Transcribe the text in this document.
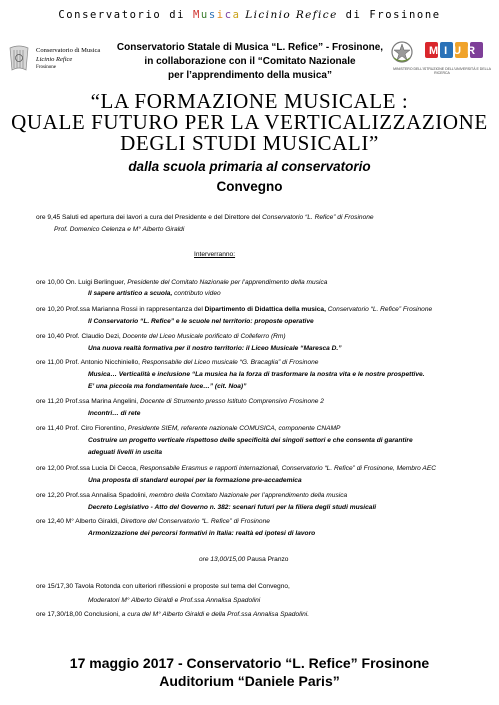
Conservatorio di Musica Licinio Refice di Frosinone
Conservatorio di Musica
Licinio Refice
Frosinone
Conservatorio Statale di Musica “L. Refice” - Frosinone,
in collaborazione con il “Comitato Nazionale
per l’apprendimento della musica”
MIUR
MINISTERO DELL'ISTRUZIONE DELL'UNIVERSITÀ E DELLA RICERCA
“LA FORMAZIONE MUSICALE :
QUALE FUTURO PER LA VERTICALIZZAZIONE
DEGLI STUDI MUSICALI”
dalla scuola primaria al conservatorio
Convegno
ore 9,45 Saluti ed apertura dei lavori a cura del Presidente e del Direttore del Conservatorio “L. Refice” di Frosinone
Prof. Domenico Celenza e M° Alberto Giraldi
Interverranno:
ore 10,00 On. Luigi Berlinguer, Presidente del Comitato Nazionale per l’apprendimento della musica
Il sapere artistico a scuola, contributo video
ore 10,20 Prof.ssa Marianna Rossi in rappresentanza del Dipartimento di Didattica della musica, Conservatorio “L. Refice” Frosinone
Il Conservatorio “L. Refice” e le scuole nel territorio: proposte operative
ore 10,40 Prof. Claudio Dezi, Docente del Liceo Musicale porificato di Colleferro (Rm)
Una nuova realtà formativa per il nostro territorio: il Liceo Musicale “Maresca D.”
ore 11,00 Prof. Antonio Nicchiniello, Responsabile del Liceo musicale “G. Bracaglia” di Frosinone
Musica… Verticalità e inclusione “La musica ha la forza di trasformare la nostra vita e le nostre prospettive.
E’ una piccola ma fondamentale luce…” (cit. Noa)”
ore 11,20 Prof.ssa Marina Angelini, Docente di Strumento presso Istituto Comprensivo Frosinone 2
Incontri… di rete
ore 11,40 Prof. Ciro Fiorentino, Presidente SIEM, referente nazionale COMUSICA, componente CNAMP
Costruire un progetto verticale rispettoso delle specificità dei singoli settori e che consenta di garantire
adeguati livelli in uscita
ore 12,00 Prof.ssa Lucia Di Cecca, Responsabile Erasmus e rapporti internazionali, Conservatorio “L. Refice” di Frosinone, Membro AEC
Una proposta di standard europei per la formazione pre-accademica
ore 12,20 Prof.ssa Annalisa Spadolini, membro della Comitato Nazionale per l’apprendimento della musica
Decreto Legislativo - Atto del Governo n. 382: scenari futuri per la filiera degli studi musicali
ore 12,40 M° Alberto Giraldi, Direttore del Conservatorio “L. Refice” di Frosinone
Armonizzazione dei percorsi formativi in Italia: realtà ed ipotesi di lavoro
ore 13,00/15,00 Pausa Pranzo
ore 15/17,30 Tavola Rotonda con ulteriori riflessioni e proposte sul tema del Convegno,
Moderatori M° Alberto Giraldi e Prof.ssa Annalisa Spadolini
ore 17,30/18,00 Conclusioni, a cura del M° Alberto Giraldi e della Prof.ssa Annalisa Spadolini.
17 maggio 2017 - Conservatorio “L. Refice” Frosinone
Auditorium “Daniele Paris”
